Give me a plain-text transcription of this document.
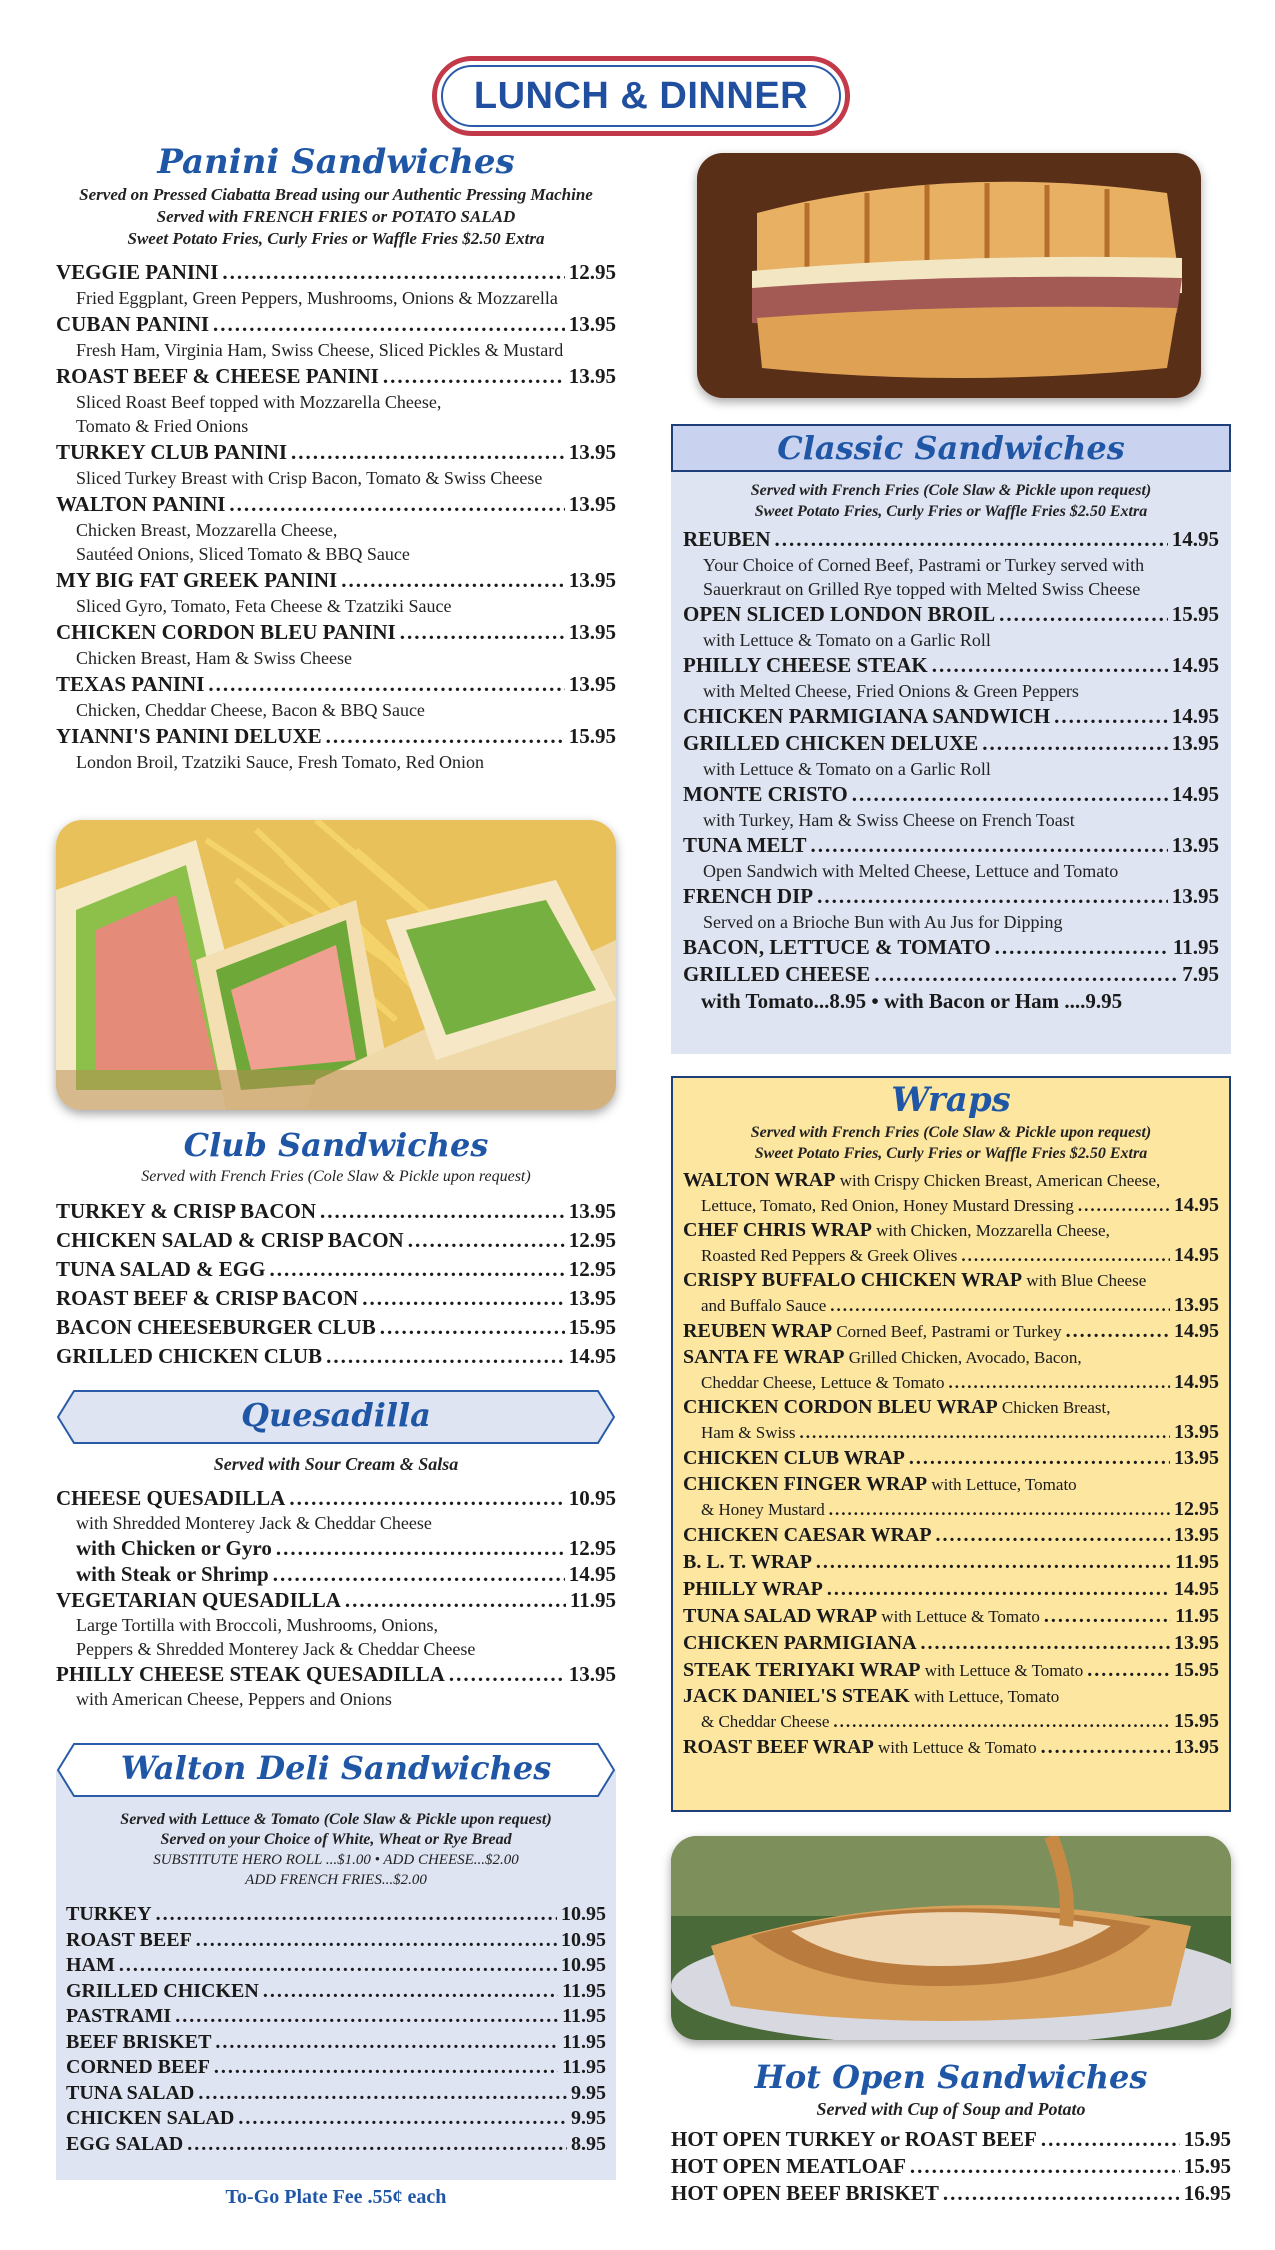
LUNCH & DINNER
Panini Sandwiches
Served on Pressed Ciabatta Bread using our Authentic Pressing Machine
Served with FRENCH FRIES or POTATO SALAD
Sweet Potato Fries, Curly Fries or Waffle Fries $2.50 Extra
VEGGIE PANINI .....	12.95
Fried Eggplant, Green Peppers, Mushrooms, Onions & Mozzarella
CUBAN PANINI .....	13.95
Fresh Ham, Virginia Ham, Swiss Cheese, Sliced Pickles & Mustard
ROAST BEEF & CHEESE PANINI .....	13.95
Sliced Roast Beef topped with Mozzarella Cheese,
Tomato & Fried Onions
TURKEY CLUB PANINI .....	13.95
Sliced Turkey Breast with Crisp Bacon, Tomato & Swiss Cheese
WALTON PANINI .....	13.95
Chicken Breast, Mozzarella Cheese,
Sautéed Onions, Sliced Tomato & BBQ Sauce
MY BIG FAT GREEK PANINI .....	13.95
Sliced Gyro, Tomato, Feta Cheese & Tzatziki Sauce
CHICKEN CORDON BLEU PANINI .....	13.95
Chicken Breast, Ham & Swiss Cheese
TEXAS PANINI .....	13.95
Chicken, Cheddar Cheese, Bacon & BBQ Sauce
YIANNI'S PANINI DELUXE .....	15.95
London Broil, Tzatziki Sauce, Fresh Tomato, Red Onion
Club Sandwiches
Served with French Fries (Cole Slaw & Pickle upon request)
TURKEY & CRISP BACON .....	13.95
CHICKEN SALAD & CRISP BACON .....	12.95
TUNA SALAD & EGG .....	12.95
ROAST BEEF & CRISP BACON .....	13.95
BACON CHEESEBURGER CLUB .....	15.95
GRILLED CHICKEN CLUB .....	14.95
Quesadilla
Served with Sour Cream & Salsa
CHEESE QUESADILLA .....	10.95
with Shredded Monterey Jack & Cheddar Cheese
with Chicken or Gyro .....	12.95
with Steak or Shrimp .....	14.95
VEGETARIAN QUESADILLA .....	11.95
Large Tortilla with Broccoli, Mushrooms, Onions,
Peppers & Shredded Monterey Jack & Cheddar Cheese
PHILLY CHEESE STEAK QUESADILLA .....	13.95
with American Cheese, Peppers and Onions
Walton Deli Sandwiches
Served with Lettuce & Tomato (Cole Slaw & Pickle upon request)
Served on your Choice of White, Wheat or Rye Bread
SUBSTITUTE HERO ROLL ...$1.00 • ADD CHEESE...$2.00
ADD FRENCH FRIES...$2.00
TURKEY .....	10.95
ROAST BEEF .....	10.95
HAM .....	10.95
GRILLED CHICKEN .....	11.95
PASTRAMI .....	11.95
BEEF BRISKET .....	11.95
CORNED BEEF .....	11.95
TUNA SALAD .....	9.95
CHICKEN SALAD .....	9.95
EGG SALAD .....	8.95
To-Go Plate Fee .55¢ each
Classic Sandwiches
Served with French Fries (Cole Slaw & Pickle upon request)
Sweet Potato Fries, Curly Fries or Waffle Fries $2.50 Extra
REUBEN .....	14.95
Your Choice of Corned Beef, Pastrami or Turkey served with
Sauerkraut on Grilled Rye topped with Melted Swiss Cheese
OPEN SLICED LONDON BROIL .....	15.95
with Lettuce & Tomato on a Garlic Roll
PHILLY CHEESE STEAK .....	14.95
with Melted Cheese, Fried Onions & Green Peppers
CHICKEN PARMIGIANA SANDWICH .....	14.95
GRILLED CHICKEN DELUXE .....	13.95
with Lettuce & Tomato on a Garlic Roll
MONTE CRISTO .....	14.95
with Turkey, Ham & Swiss Cheese on French Toast
TUNA MELT .....	13.95
Open Sandwich with Melted Cheese, Lettuce and Tomato
FRENCH DIP .....	13.95
Served on a Brioche Bun with Au Jus for Dipping
BACON, LETTUCE & TOMATO .....	11.95
GRILLED CHEESE .....	7.95
with Tomato...8.95 • with Bacon or Ham ....9.95
Wraps
Served with French Fries (Cole Slaw & Pickle upon request)
Sweet Potato Fries, Curly Fries or Waffle Fries $2.50 Extra
WALTON WRAP with Crispy Chicken Breast, American Cheese,
Lettuce, Tomato, Red Onion, Honey Mustard Dressing .....	14.95
CHEF CHRIS WRAP with Chicken, Mozzarella Cheese,
Roasted Red Peppers & Greek Olives .....	14.95
CRISPY BUFFALO CHICKEN WRAP with Blue Cheese
and Buffalo Sauce .....	13.95
REUBEN WRAP Corned Beef, Pastrami or Turkey .....	14.95
SANTA FE WRAP Grilled Chicken, Avocado, Bacon,
Cheddar Cheese, Lettuce & Tomato .....	14.95
CHICKEN CORDON BLEU WRAP Chicken Breast,
Ham & Swiss .....	13.95
CHICKEN CLUB WRAP .....	13.95
CHICKEN FINGER WRAP with Lettuce, Tomato
& Honey Mustard .....	12.95
CHICKEN CAESAR WRAP .....	13.95
B. L. T. WRAP .....	11.95
PHILLY WRAP .....	14.95
TUNA SALAD WRAP with Lettuce & Tomato .....	11.95
CHICKEN PARMIGIANA .....	13.95
STEAK TERIYAKI WRAP with Lettuce & Tomato .....	15.95
JACK DANIEL'S STEAK with Lettuce, Tomato
& Cheddar Cheese .....	15.95
ROAST BEEF WRAP with Lettuce & Tomato .....	13.95
Hot Open Sandwiches
Served with Cup of Soup and Potato
HOT OPEN TURKEY or ROAST BEEF .....	15.95
HOT OPEN MEATLOAF .....	15.95
HOT OPEN BEEF BRISKET .....	16.95
